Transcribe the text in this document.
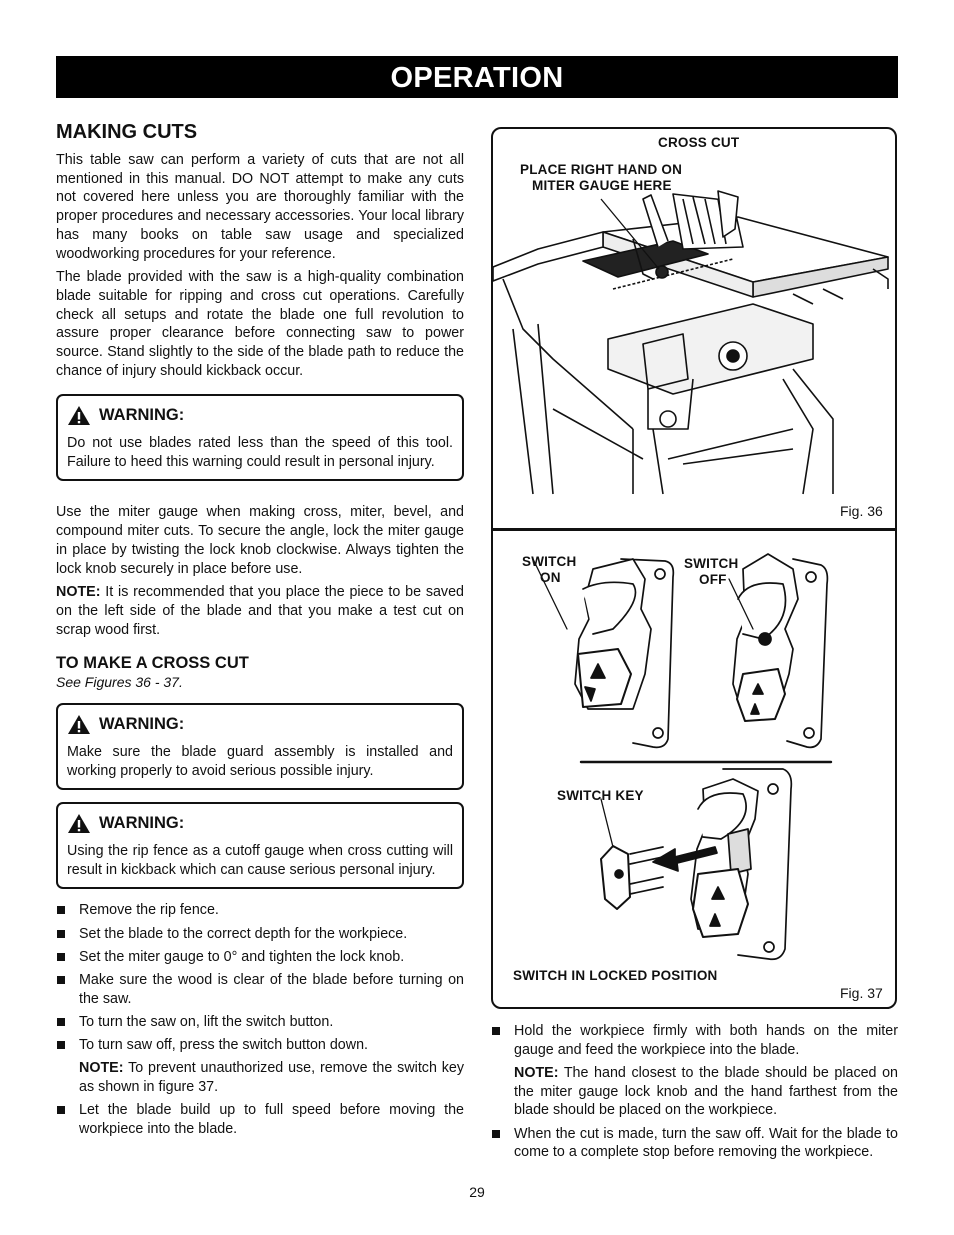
OPERATION
MAKING CUTS

This table saw can perform a variety of cuts that are not all mentioned in this manual. DO NOT attempt to make any cuts not covered here unless you are thoroughly familiar with the proper procedures and necessary accessories. Your local library has many books on table saw usage and specialized woodworking procedures for your reference.

The blade provided with the saw is a high-quality combination blade suitable for ripping and cross cut operations. Carefully check all setups and rotate the blade one full revolution to assure proper clearance before connecting saw to power source. Stand slightly to the side of the blade path to reduce the chance of injury should kickback occur.

WARNING:

Do not use blades rated less than the speed of this tool. Failure to heed this warning could result in personal injury.

Use the miter gauge when making cross, miter, bevel, and compound miter cuts. To secure the angle, lock the miter gauge in place by twisting the lock knob clockwise. Always tighten the lock knob securely in place before use.

NOTE: It is recommended that you place the piece to be saved on the left side of the blade and that you make a test cut on scrap wood first.

TO MAKE A CROSS CUT

See Figures 36 - 37.

WARNING:

Make sure the blade guard assembly is installed and working properly to avoid serious possible injury.

WARNING:

Using the rip fence as a cutoff gauge when cross cutting will result in kickback which can cause serious personal injury.

Remove the rip fence.
Set the blade to the correct depth for the workpiece.
Set the miter gauge to 0° and tighten the lock knob.
Make sure the wood is clear of the blade before turning on the saw.
To turn the saw on, lift the switch button.
To turn saw off, press the switch button down.
NOTE: To prevent unauthorized use, remove the switch key as shown in figure 37.
Let the blade build up to full speed before moving the workpiece into the blade.
CROSS CUT
PLACE RIGHT HAND ON
MITER GAUGE HERE
Fig. 36
SWITCH
ON
SWITCH
OFF
SWITCH KEY
SWITCH IN LOCKED POSITION
Fig. 37
Hold the workpiece firmly with both hands on the miter gauge and feed the workpiece into the blade.
NOTE: The hand closest to the blade should be placed on the miter gauge lock knob and the hand farthest from the blade should be placed on the workpiece.
When the cut is made, turn the saw off. Wait for the blade to come to a complete stop before removing the workpiece.
29
